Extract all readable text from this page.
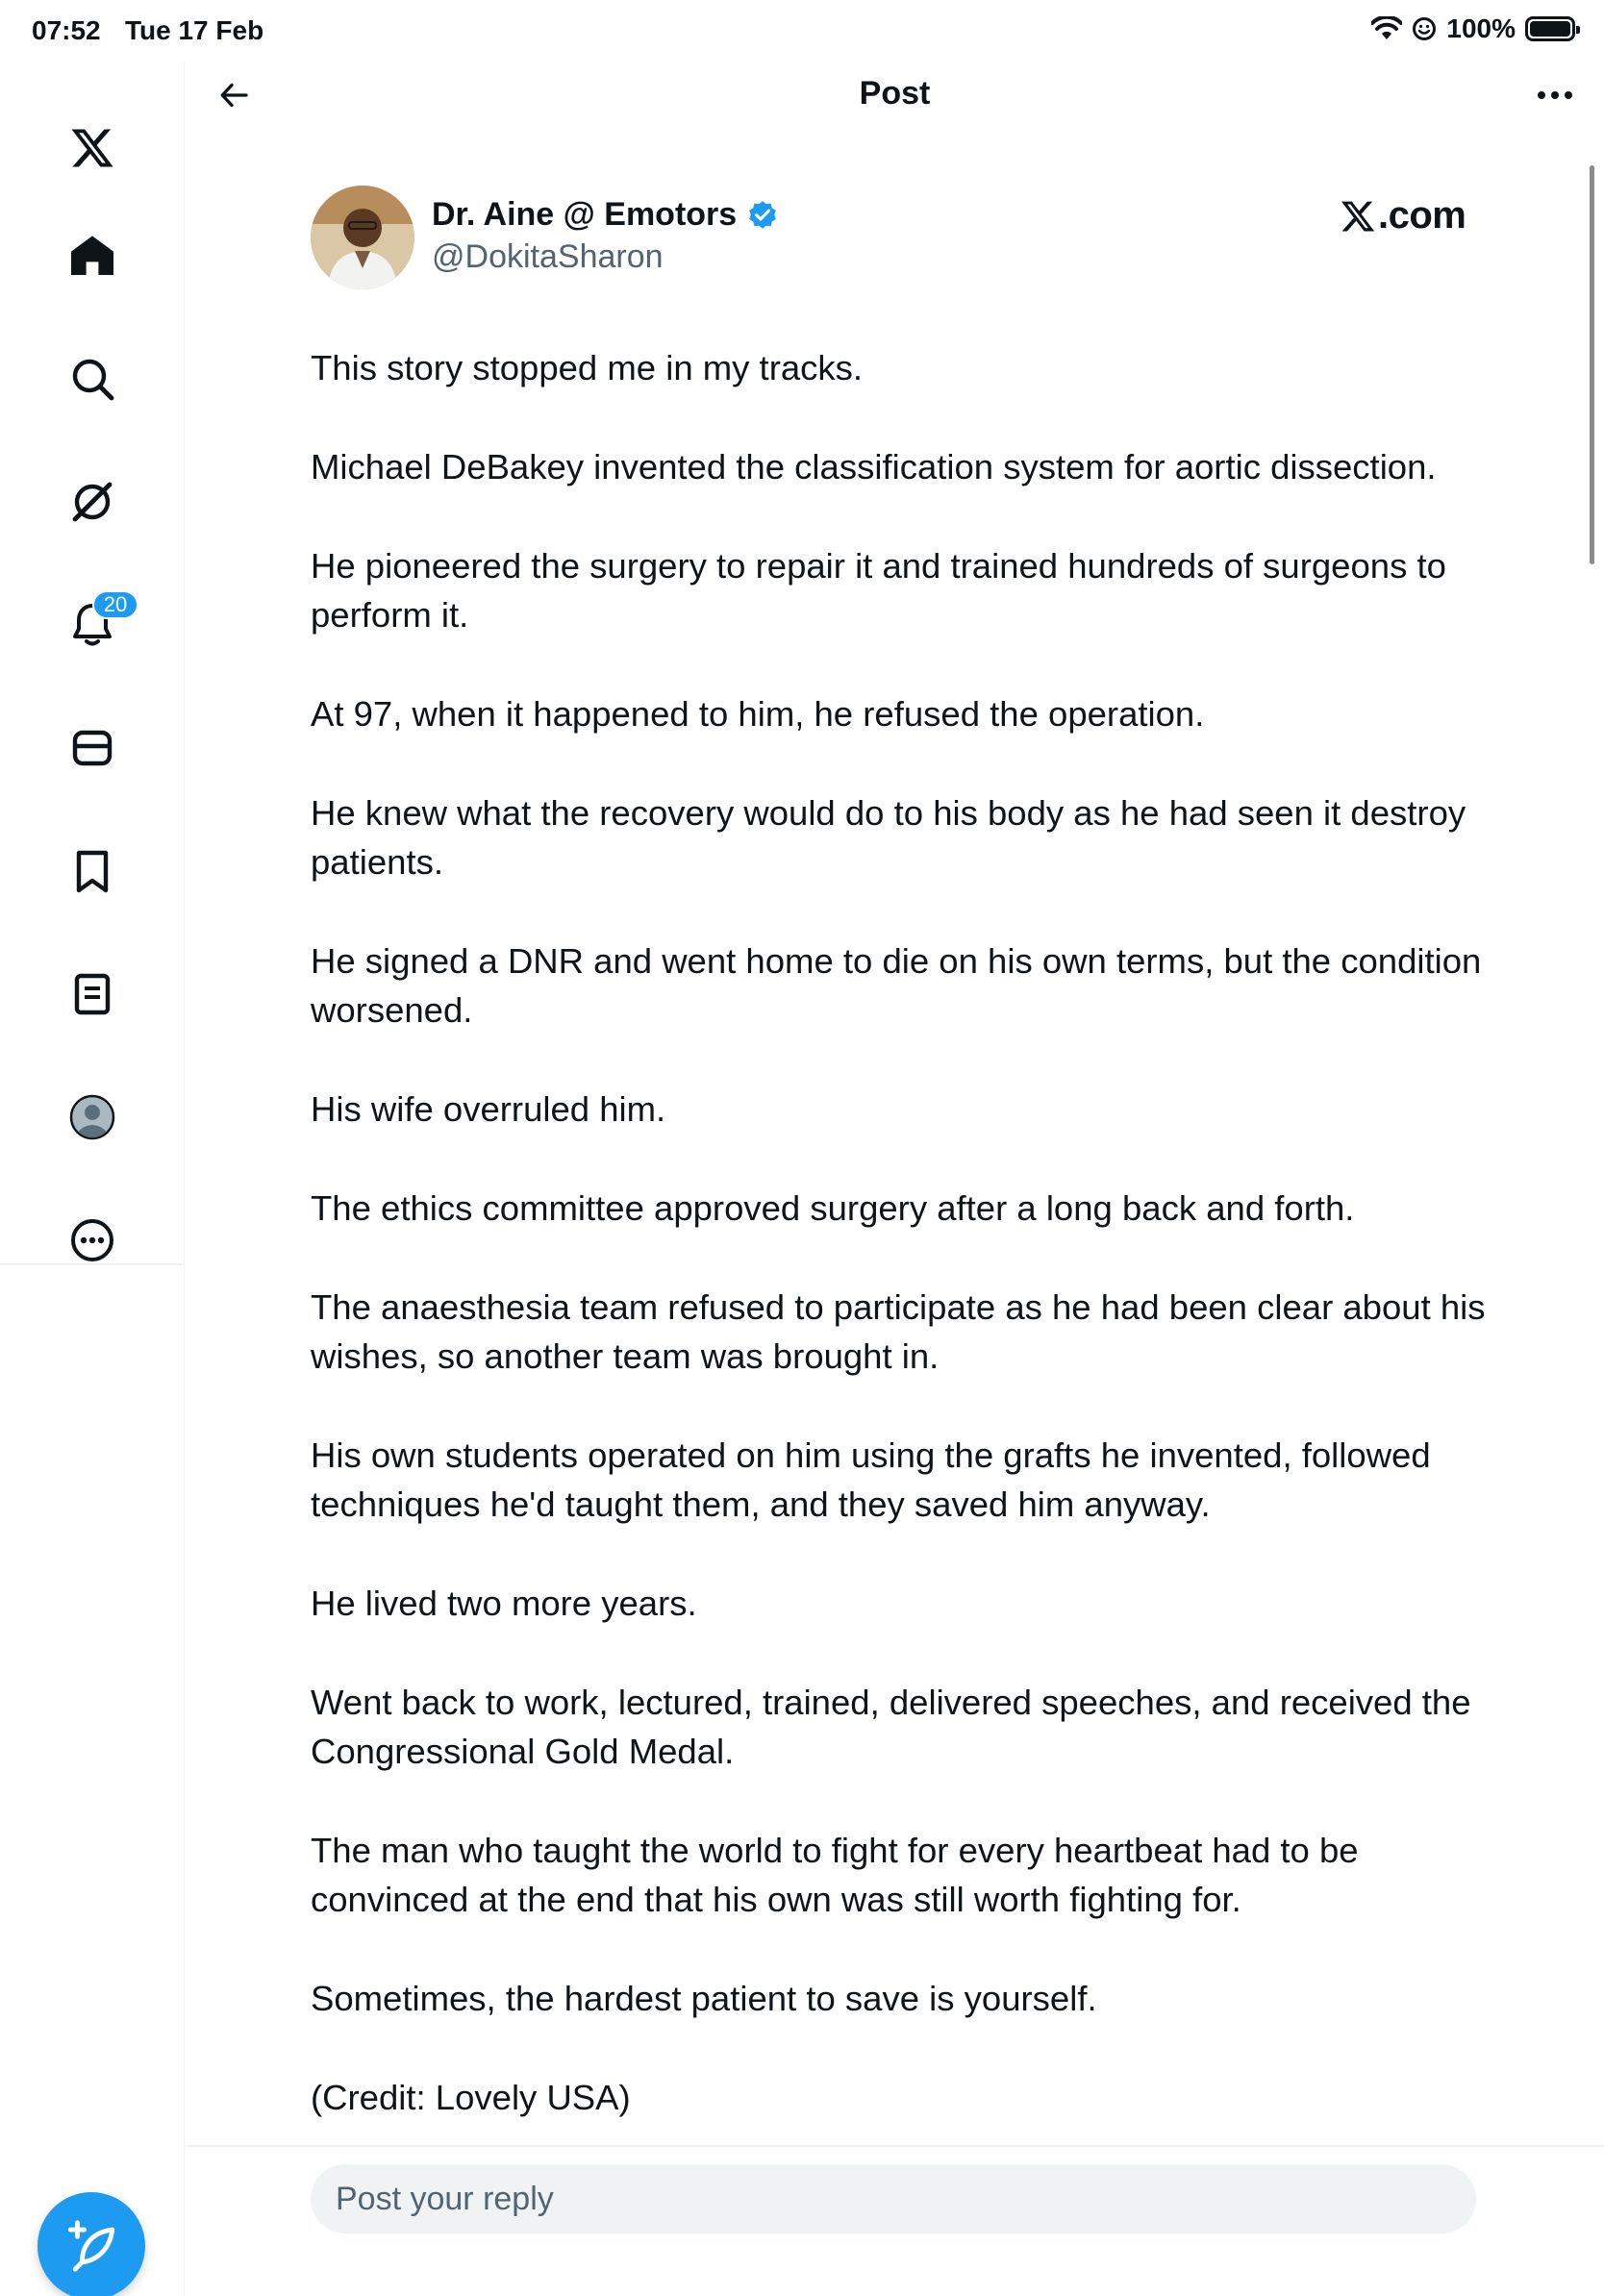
07:52 Tue 17 Feb	100%
20
Post
Dr. Aine @ Emotors
@DokitaSharon
.com

This story stopped me in my tracks.

Michael DeBakey invented the classification system for aortic dissection.

He pioneered the surgery to repair it and trained hundreds of surgeons to perform it.

At 97, when it happened to him, he refused the operation.

He knew what the recovery would do to his body as he had seen it destroy patients.

He signed a DNR and went home to die on his own terms, but the condition worsened.

His wife overruled him.

The ethics committee approved surgery after a long back and forth.

The anaesthesia team refused to participate as he had been clear about his wishes, so another team was brought in.

His own students operated on him using the grafts he invented, followed techniques he'd taught them, and they saved him anyway.

He lived two more years.

Went back to work, lectured, trained, delivered speeches, and received the Congressional Gold Medal.

The man who taught the world to fight for every heartbeat had to be convinced at the end that his own was still worth fighting for.

Sometimes, the hardest patient to save is yourself.

(Credit: Lovely USA)

Post your reply
